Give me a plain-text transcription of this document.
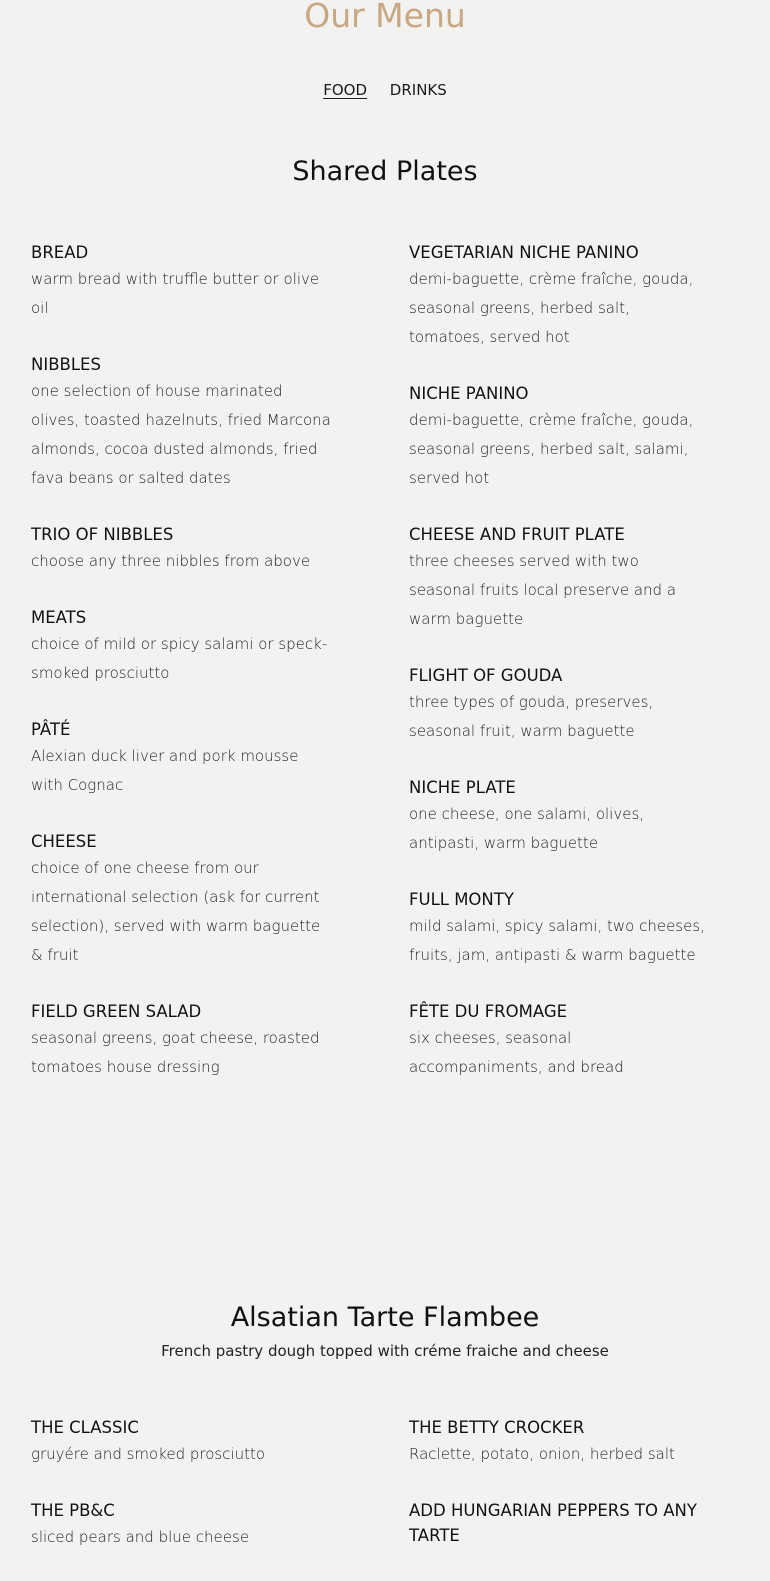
Our Menu
FOOD DRINKS
Shared Plates
BREAD
warm bread with truffle butter or olive oil
NIBBLES
one selection of house marinated olives, toasted hazelnuts, fried Marcona almonds, cocoa dusted almonds, fried fava beans or salted dates
TRIO OF NIBBLES
choose any three nibbles from above
MEATS
choice of mild or spicy salami or speck-smoked prosciutto
PÂTÉ
Alexian duck liver and pork mousse with Cognac
CHEESE
choice of one cheese from our international selection (ask for current selection), served with warm baguette & fruit
FIELD GREEN SALAD
seasonal greens, goat cheese, roasted tomatoes house dressing
VEGETARIAN NICHE PANINO
demi-baguette, crème fraîche, gouda, seasonal greens, herbed salt, tomatoes, served hot
NICHE PANINO
demi-baguette, crème fraîche, gouda, seasonal greens, herbed salt, salami, served hot
CHEESE AND FRUIT PLATE
three cheeses served with two seasonal fruits local preserve and a warm baguette
FLIGHT OF GOUDA
three types of gouda, preserves, seasonal fruit, warm baguette
NICHE PLATE
one cheese, one salami, olives, antipasti, warm baguette
FULL MONTY
mild salami, spicy salami, two cheeses, fruits, jam, antipasti & warm baguette
FÊTE DU FROMAGE
six cheeses, seasonal accompaniments, and bread
Alsatian Tarte Flambee
French pastry dough topped with créme fraiche and cheese
THE CLASSIC
gruyére and smoked prosciutto
THE PB&C
sliced pears and blue cheese
THE BETTY CROCKER
Raclette, potato, onion, herbed salt
ADD HUNGARIAN PEPPERS TO ANY TARTE
